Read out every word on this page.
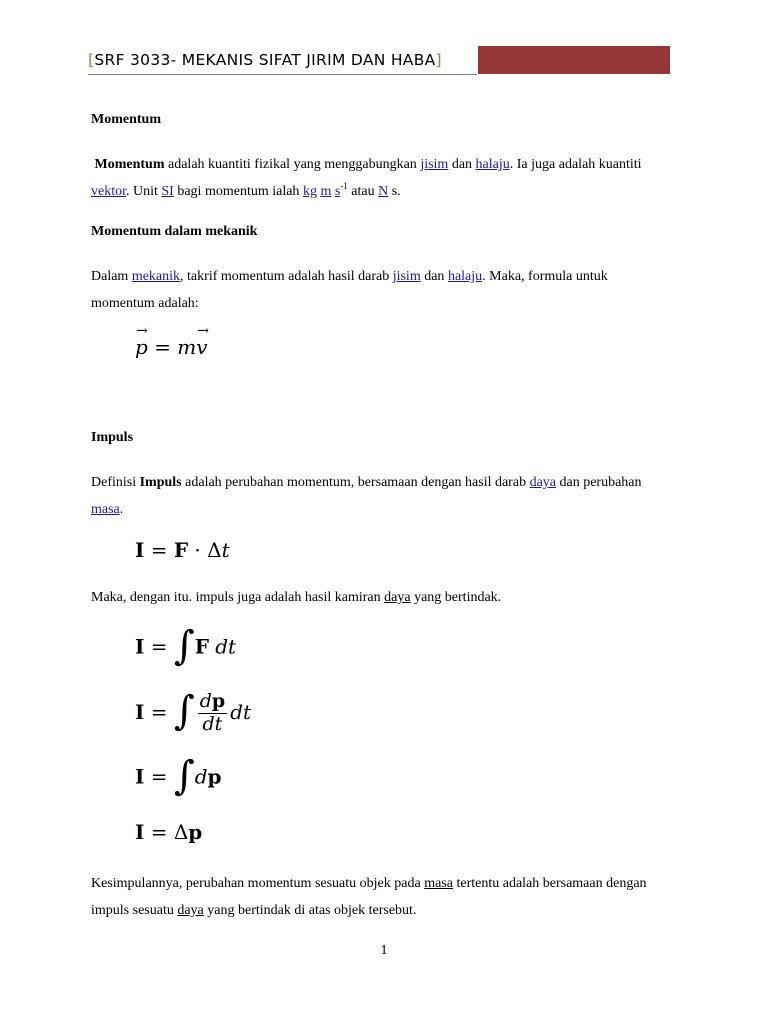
[SRF 3033- MEKANIS SIFAT JIRIM DAN HABA]
Momentum
Momentum adalah kuantiti fizikal yang menggabungkan jisim dan halaju. Ia juga adalah kuantiti vektor. Unit SI bagi momentum ialah kg m $s^{-1}$ atau N s.
Momentum dalam mekanik
Dalam mekanik, takrif momentum adalah hasil darab jisim dan halaju. Maka, formula untuk momentum adalah:
→
p = m
→
v
Impuls
Definisi Impuls adalah perubahan momentum, bersamaan dengan hasil darab daya dan perubahan masa.
I = F · Δt
Maka, dengan itu. impuls juga adalah hasil kamiran daya yang bertindak.
I = ∫F dt
I = ∫ $\frac{dp}{dt}$ dt
I = ∫dp
I = Δp
Kesimpulannya, perubahan momentum sesuatu objek pada masa tertentu adalah bersamaan dengan impuls sesuatu daya yang bertindak di atas objek tersebut.
1
